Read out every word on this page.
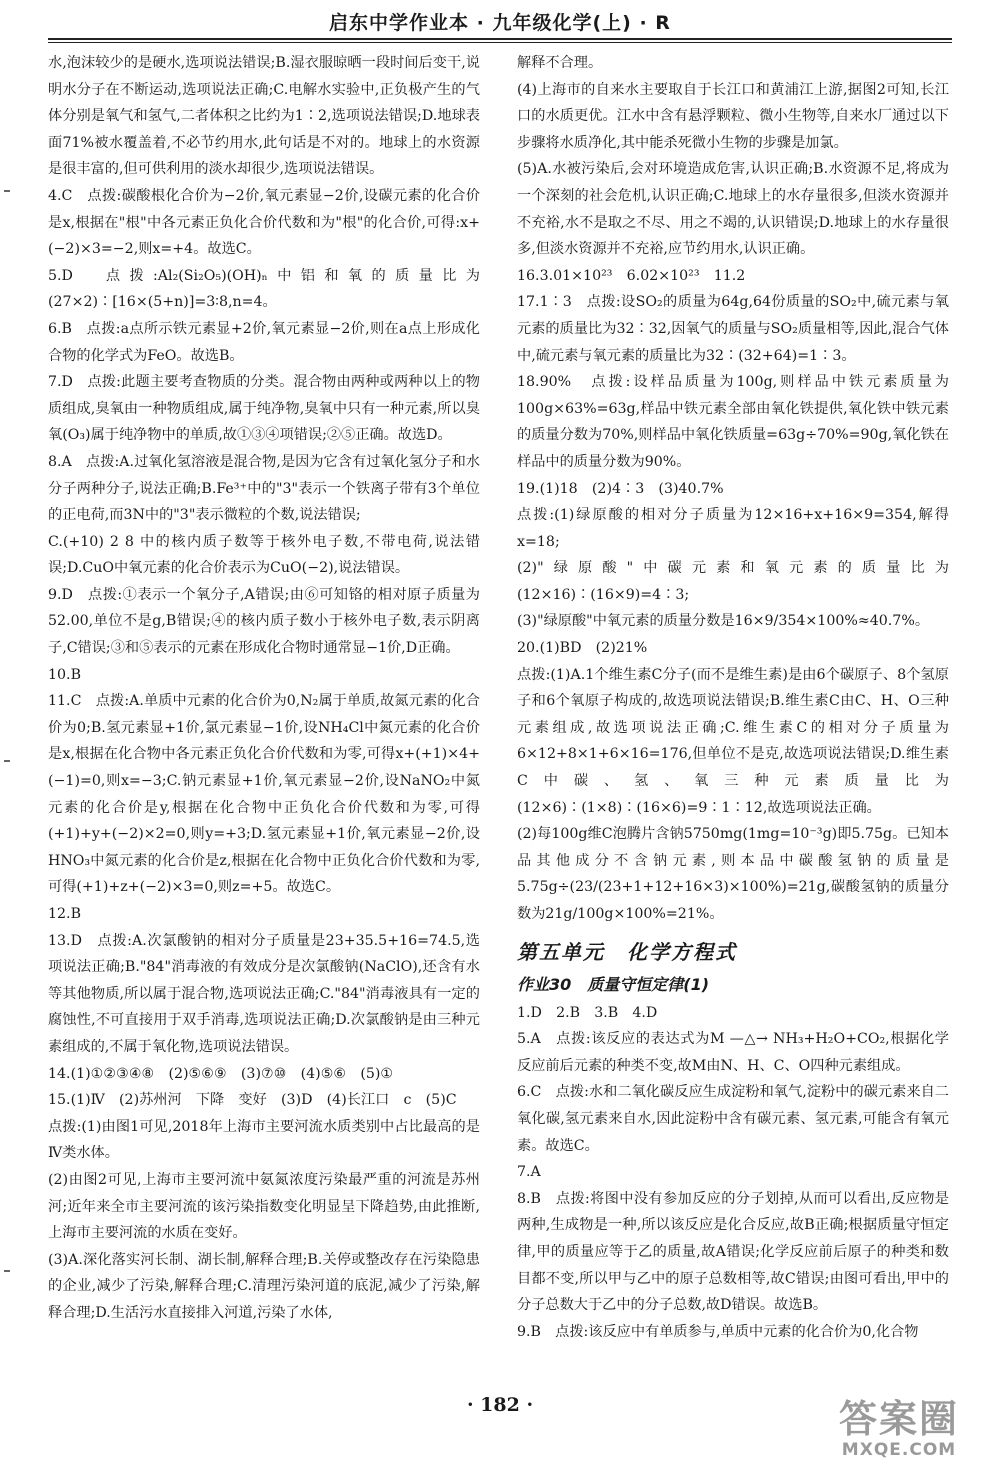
启东中学作业本 · 九年级化学(上) · R

水,泡沫较少的是硬水,选项说法错误;B.湿衣服晾晒一段时间后变干,说明水分子在不断运动,选项说法正确;C.电解水实验中,正负极产生的气体分别是氧气和氢气,二者体积之比约为1∶2,选项说法错误;D.地球表面71%被水覆盖着,不必节约用水,此句话是不对的。地球上的水资源是很丰富的,但可供利用的淡水却很少,选项说法错误。

4.C　点拨:碳酸根化合价为−2价,氧元素显−2价,设碳元素的化合价是x,根据在"根"中各元素正负化合价代数和为"根"的化合价,可得:x+(−2)×3=−2,则x=+4。故选C。

5.D　点拨:Al₂(Si₂O₅)(OH)ₙ中铝和氧的质量比为(27×2)∶[16×(5+n)]=3∶8,n=4。

6.B　点拨:a点所示铁元素显+2价,氧元素显−2价,则在a点上形成化合物的化学式为FeO。故选B。

7.D　点拨:此题主要考查物质的分类。混合物由两种或两种以上的物质组成,臭氧由一种物质组成,属于纯净物,臭氧中只有一种元素,所以臭氧(O₃)属于纯净物中的单质,故①③④项错误;②⑤正确。故选D。

8.A　点拨:A.过氧化氢溶液是混合物,是因为它含有过氧化氢分子和水分子两种分子,说法正确;B.Fe³⁺中的"3"表示一个铁离子带有3个单位的正电荷,而3N中的"3"表示微粒的个数,说法错误;

C.(+10) 2 8 中的核内质子数等于核外电子数,不带电荷,说法错误;D.CuO中氧元素的化合价表示为CuO(−2),说法错误。

9.D　点拨:①表示一个氧分子,A错误;由⑥可知铬的相对原子质量为52.00,单位不是g,B错误;④的核内质子数小于核外电子数,表示阴离子,C错误;③和⑤表示的元素在形成化合物时通常显−1价,D正确。

10.B

11.C　点拨:A.单质中元素的化合价为0,N₂属于单质,故氮元素的化合价为0;B.氢元素显+1价,氯元素显−1价,设NH₄Cl中氮元素的化合价是x,根据在化合物中各元素正负化合价代数和为零,可得x+(+1)×4+(−1)=0,则x=−3;C.钠元素显+1价,氧元素显−2价,设NaNO₂中氮元素的化合价是y,根据在化合物中正负化合价代数和为零,可得(+1)+y+(−2)×2=0,则y=+3;D.氢元素显+1价,氧元素显−2价,设HNO₃中氮元素的化合价是z,根据在化合物中正负化合价代数和为零,可得(+1)+z+(−2)×3=0,则z=+5。故选C。

12.B

13.D　点拨:A.次氯酸钠的相对分子质量是23+35.5+16=74.5,选项说法正确;B."84"消毒液的有效成分是次氯酸钠(NaClO),还含有水等其他物质,所以属于混合物,选项说法正确;C."84"消毒液具有一定的腐蚀性,不可直接用于双手消毒,选项说法正确;D.次氯酸钠是由三种元素组成的,不属于氧化物,选项说法错误。

14.(1)①②③④⑧　(2)⑤⑥⑨　(3)⑦⑩　(4)⑤⑥　(5)①

15.(1)Ⅳ　(2)苏州河　下降　变好　(3)D　(4)长江口　c　(5)C

点拨:(1)由图1可见,2018年上海市主要河流水质类别中占比最高的是Ⅳ类水体。

(2)由图2可见,上海市主要河流中氨氮浓度污染最严重的河流是苏州河;近年来全市主要河流的该污染指数变化明显呈下降趋势,由此推断,上海市主要河流的水质在变好。

(3)A.深化落实河长制、湖长制,解释合理;B.关停或整改存在污染隐患的企业,减少了污染,解释合理;C.清理污染河道的底泥,减少了污染,解释合理;D.生活污水直接排入河道,污染了水体,

解释不合理。

(4)上海市的自来水主要取自于长江口和黄浦江上游,据图2可知,长江口的水质更优。江水中含有悬浮颗粒、微小生物等,自来水厂通过以下步骤将水质净化,其中能杀死微小生物的步骤是加氯。

(5)A.水被污染后,会对环境造成危害,认识正确;B.水资源不足,将成为一个深刻的社会危机,认识正确;C.地球上的水存量很多,但淡水资源并不充裕,水不是取之不尽、用之不竭的,认识错误;D.地球上的水存量很多,但淡水资源并不充裕,应节约用水,认识正确。

16.3.01×10²³　6.02×10²³　11.2

17.1∶3　点拨:设SO₂的质量为64g,64份质量的SO₂中,硫元素与氧元素的质量比为32∶32,因氧气的质量与SO₂质量相等,因此,混合气体中,硫元素与氧元素的质量比为32∶(32+64)=1∶3。

18.90%　点拨:设样品质量为100g,则样品中铁元素质量为100g×63%=63g,样品中铁元素全部由氧化铁提供,氧化铁中铁元素的质量分数为70%,则样品中氧化铁质量=63g÷70%=90g,氧化铁在样品中的质量分数为90%。

19.(1)18　(2)4∶3　(3)40.7%

点拨:(1)绿原酸的相对分子质量为12×16+x+16×9=354,解得x=18;

(2)"绿原酸"中碳元素和氧元素的质量比为(12×16)∶(16×9)=4∶3;

(3)"绿原酸"中氧元素的质量分数是16×9/354×100%≈40.7%。

20.(1)BD　(2)21%

点拨:(1)A.1个维生素C分子(而不是维生素)是由6个碳原子、8个氢原子和6个氧原子构成的,故选项说法错误;B.维生素C由C、H、O三种元素组成,故选项说法正确;C.维生素C的相对分子质量为6×12+8×1+6×16=176,但单位不是克,故选项说法错误;D.维生素C中碳、氢、氧三种元素质量比为(12×6)∶(1×8)∶(16×6)=9∶1∶12,故选项说法正确。

(2)每100g维C泡腾片含钠5750mg(1mg=10⁻³g)即5.75g。已知本品其他成分不含钠元素,则本品中碳酸氢钠的质量是5.75g÷(23/(23+1+12+16×3)×100%)=21g,碳酸氢钠的质量分数为21g/100g×100%=21%。

第五单元　化学方程式
作业30　质量守恒定律(1)

1.D　2.B　3.B　4.D

5.A　点拨:该反应的表达式为M —△→ NH₃+H₂O+CO₂,根据化学反应前后元素的种类不变,故M由N、H、C、O四种元素组成。

6.C　点拨:水和二氧化碳反应生成淀粉和氧气,淀粉中的碳元素来自二氧化碳,氢元素来自水,因此淀粉中含有碳元素、氢元素,可能含有氧元素。故选C。

7.A

8.B　点拨:将图中没有参加反应的分子划掉,从而可以看出,反应物是两种,生成物是一种,所以该反应是化合反应,故B正确;根据质量守恒定律,甲的质量应等于乙的质量,故A错误;化学反应前后原子的种类和数目都不变,所以甲与乙中的原子总数相等,故C错误;由图可看出,甲中的分子总数大于乙中的分子总数,故D错误。故选B。

9.B　点拨:该反应中有单质参与,单质中元素的化合价为0,化合物

· 182 ·	答案圈
MXQE.COM
